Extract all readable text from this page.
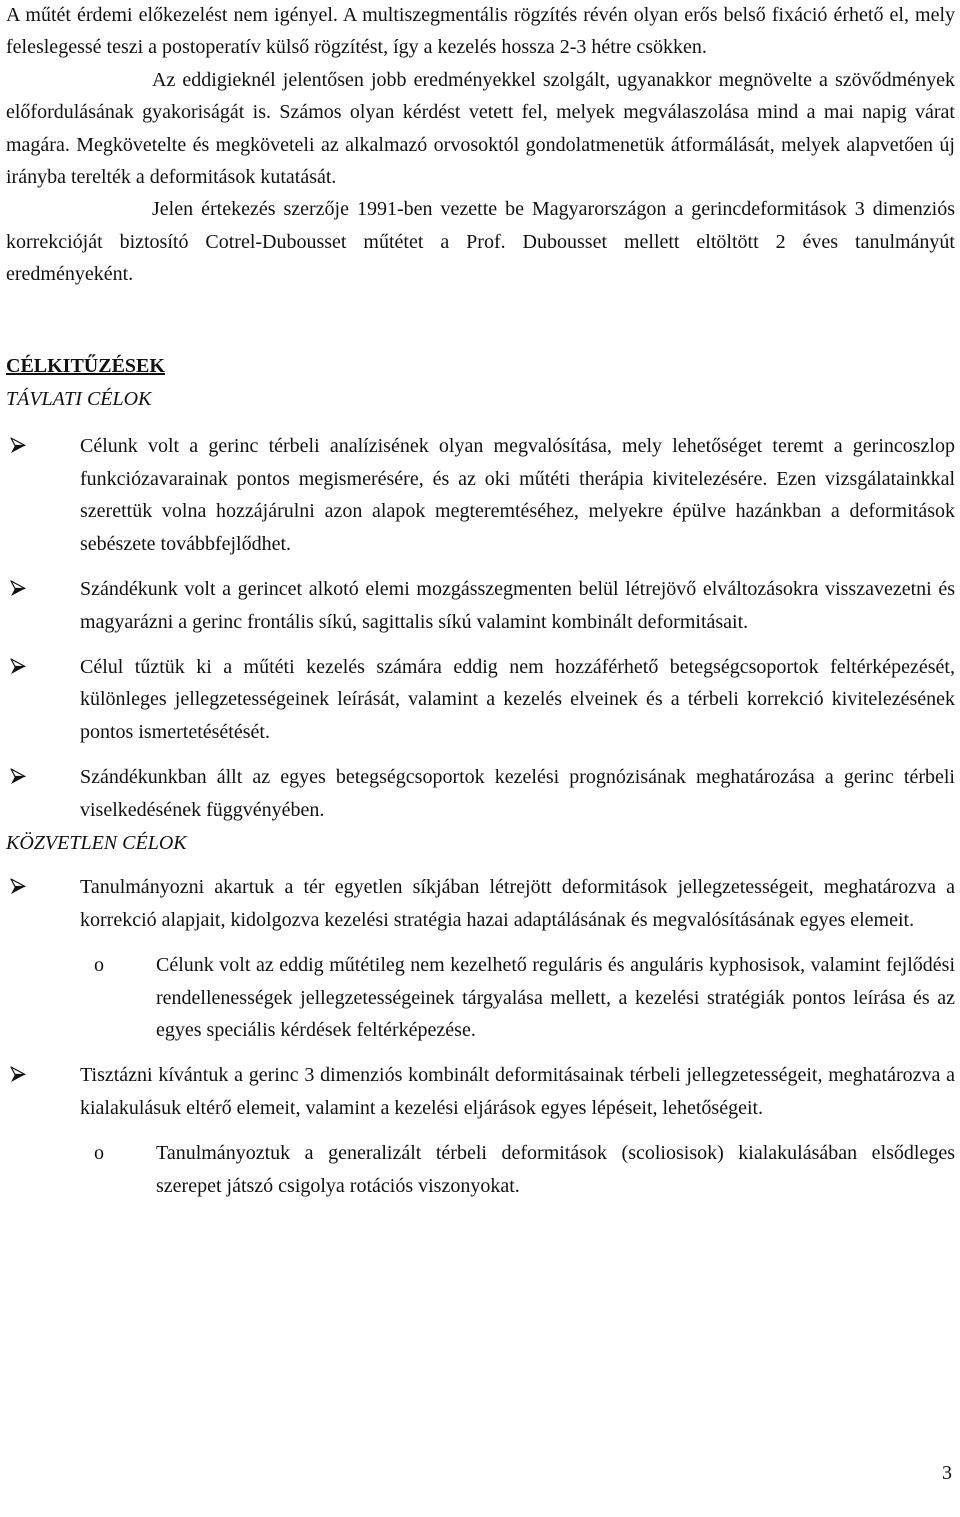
A műtét érdemi előkezelést nem igényel. A multiszegmentális rögzítés révén olyan erős belső fixáció érhető el, mely feleslegessé teszi a postoperatív külső rögzítést, így a kezelés hossza 2-3 hétre csökken.

Az eddigieknél jelentősen jobb eredményekkel szolgált, ugyanakkor megnövelte a szövődmények előfordulásának gyakoriságát is. Számos olyan kérdést vetett fel, melyek megválaszolása mind a mai napig várat magára. Megkövetelte és megköveteli az alkalmazó orvosoktól gondolatmenetük átformálását, melyek alapvetően új irányba terelték a deformitások kutatását.

Jelen értekezés szerzője 1991-ben vezette be Magyarországon a gerincdeformitások 3 dimenziós korrekcióját biztosító Cotrel-Dubousset műtétet a Prof. Dubousset mellett eltöltött 2 éves tanulmányút eredményeként.

CÉLKITŰZÉSEK
TÁVLATI CÉLOK
Célunk volt a gerinc térbeli analízisének olyan megvalósítása, mely lehetőséget teremt a gerincoszlop funkciózavarainak pontos megismerésére, és az oki műtéti therápia kivitelezésére. Ezen vizsgálatainkkal szerettük volna hozzájárulni azon alapok megteremtéséhez, melyekre épülve hazánkban a deformitások sebészete továbbfejlődhet.
Szándékunk volt a gerincet alkotó elemi mozgásszegmenten belül létrejövő elváltozásokra visszavezetni és magyarázni a gerinc frontális síkú, sagittalis síkú valamint kombinált deformitásait.
Célul tűztük ki a műtéti kezelés számára eddig nem hozzáférhető betegségcsoportok feltérképezését, különleges jellegzetességeinek leírását, valamint a kezelés elveinek és a térbeli korrekció kivitelezésének pontos ismertetésétését.
Szándékunkban állt az egyes betegségcsoportok kezelési prognózisának meghatározása a gerinc térbeli viselkedésének függvényében.
KÖZVETLEN CÉLOK
Tanulmányozni akartuk a tér egyetlen síkjában létrejött deformitások jellegzetességeit, meghatározva a korrekció alapjait, kidolgozva kezelési stratégia hazai adaptálásának és megvalósításának egyes elemeit.
o	Célunk volt az eddig műtétileg nem kezelhető reguláris és anguláris kyphosisok, valamint fejlődési rendellenességek jellegzetességeinek tárgyalása mellett, a kezelési stratégiák pontos leírása és az egyes speciális kérdések feltérképezése.
Tisztázni kívántuk a gerinc 3 dimenziós kombinált deformitásainak térbeli jellegzetességeit, meghatározva a kialakulásuk eltérő elemeit, valamint a kezelési eljárások egyes lépéseit, lehetőségeit.
o	Tanulmányoztuk a generalizált térbeli deformitások (scoliosisok) kialakulásában elsődleges szerepet játszó csigolya rotációs viszonyokat.
3
